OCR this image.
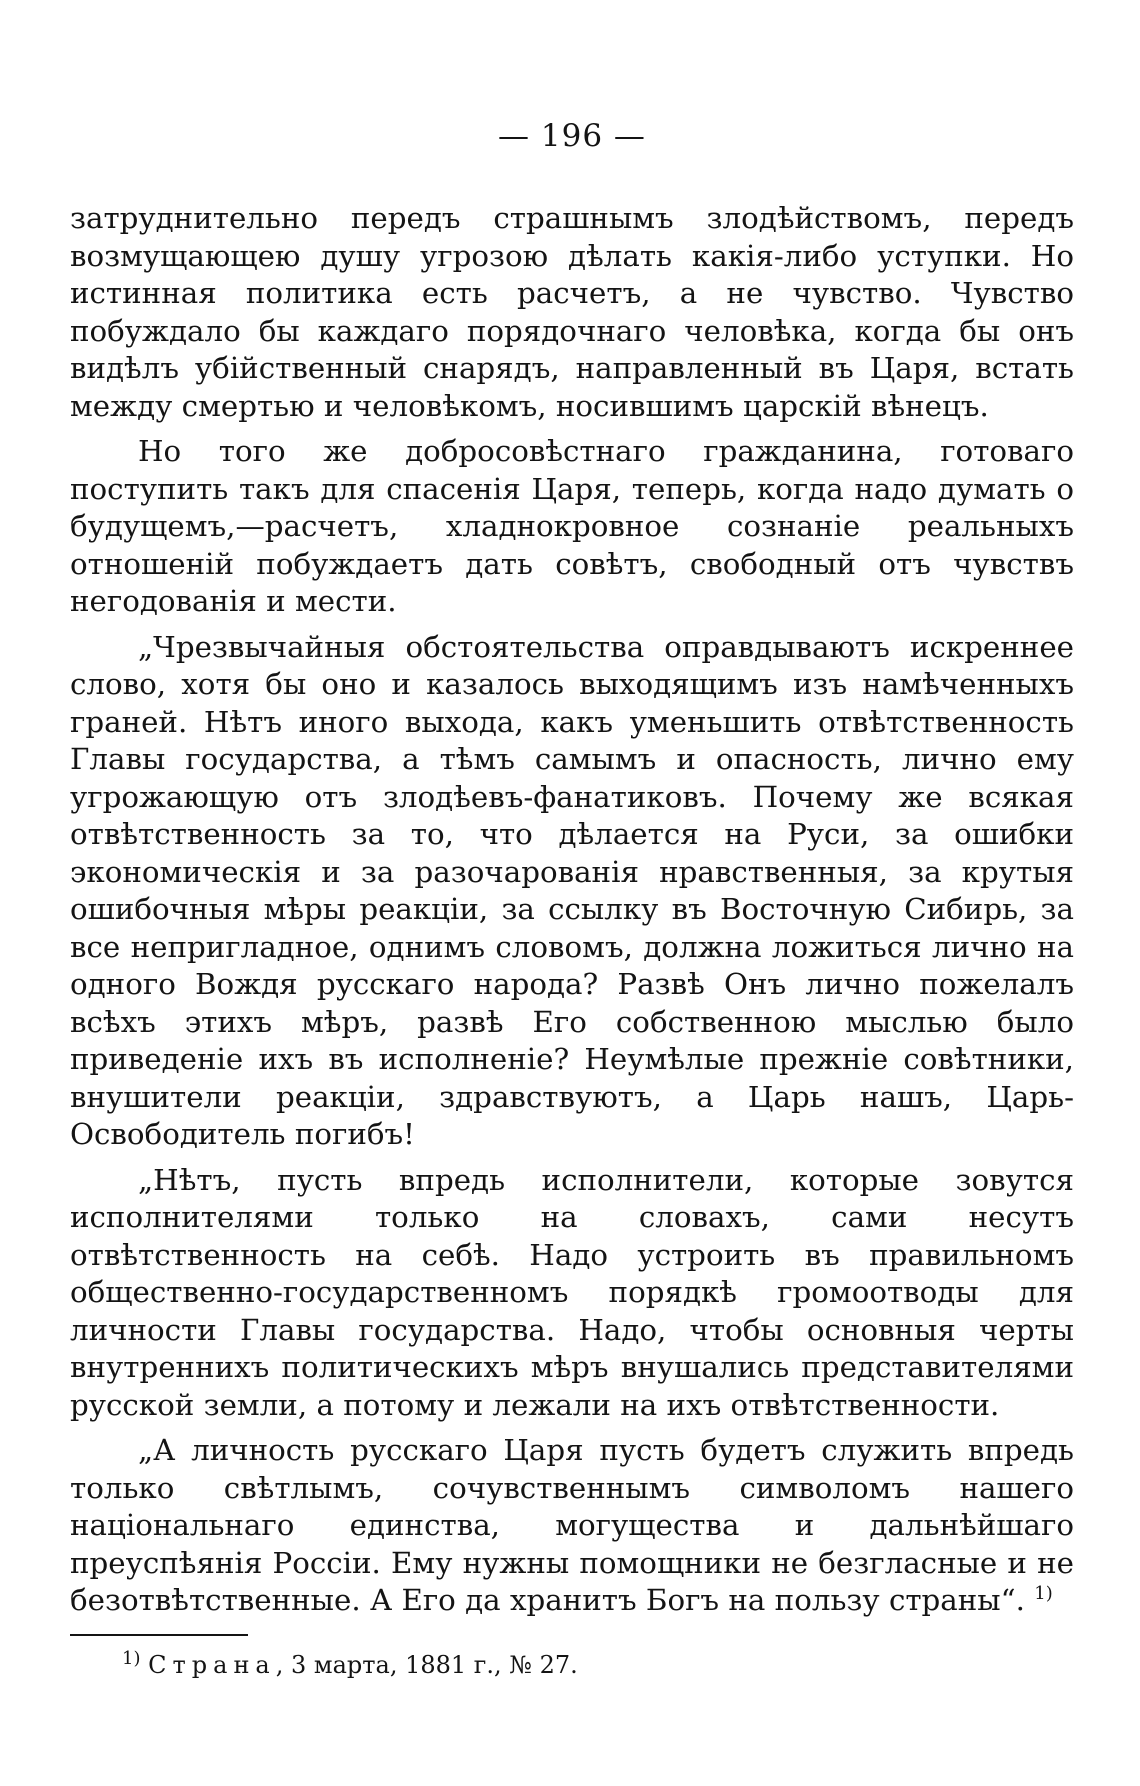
— 196 —

затруднительно передъ страшнымъ злодѣйствомъ, передъ возмущающею душу угрозою дѣлать какія-либо уступки. Но истинная политика есть расчетъ, а не чувство. Чувство побуждало бы каждаго порядочнаго человѣка, когда бы онъ видѣлъ убійственный снарядъ, направленный въ Царя, встать между смертью и человѣкомъ, носившимъ царскій вѣнецъ.

Но того же добросовѣстнаго гражданина, готоваго поступить такъ для спасенія Царя, теперь, когда надо думать о будущемъ,—расчетъ, хладнокровное сознаніе реальныхъ отношеній побуждаетъ дать совѣтъ, свободный отъ чувствъ негодованія и мести.

„Чрезвычайныя обстоятельства оправдываютъ искреннее слово, хотя бы оно и казалось выходящимъ изъ намѣченныхъ граней. Нѣтъ иного выхода, какъ уменьшить отвѣтственность Главы государства, а тѣмъ самымъ и опасность, лично ему угрожающую отъ злодѣевъ-фанатиковъ. Почему же всякая отвѣтственность за то, что дѣлается на Руси, за ошибки экономическія и за разочарованія нравственныя, за крутыя ошибочныя мѣры реакціи, за ссылку въ Восточную Сибирь, за все непригладное, однимъ словомъ, должна ложиться лично на одного Вождя русскаго народа? Развѣ Онъ лично пожелалъ всѣхъ этихъ мѣръ, развѣ Его собственною мыслью было приведеніе ихъ въ исполненіе? Неумѣлые прежніе совѣтники, внушители реакціи, здравствуютъ, а Царь нашъ, Царь-Освободитель погибъ!

„Нѣтъ, пусть впредь исполнители, которые зовутся исполнителями только на словахъ, сами несутъ отвѣтственность на себѣ. Надо устроить въ правильномъ общественно-государственномъ порядкѣ громоотводы для личности Главы государства. Надо, чтобы основныя черты внутреннихъ политическихъ мѣръ внушались представителями русской земли, а потому и лежали на ихъ отвѣтственности.

„А личность русскаго Царя пусть будетъ служить впредь только свѣтлымъ, сочувственнымъ символомъ нашего національнаго единства, могущества и дальнѣйшаго преуспѣянія Россіи. Ему нужны помощники не безгласные и не безотвѣтственные. А Его да хранитъ Богъ на пользу страны“. $^{1)}$

$^{1)}$ Страна, 3 марта, 1881 г., № 27.
